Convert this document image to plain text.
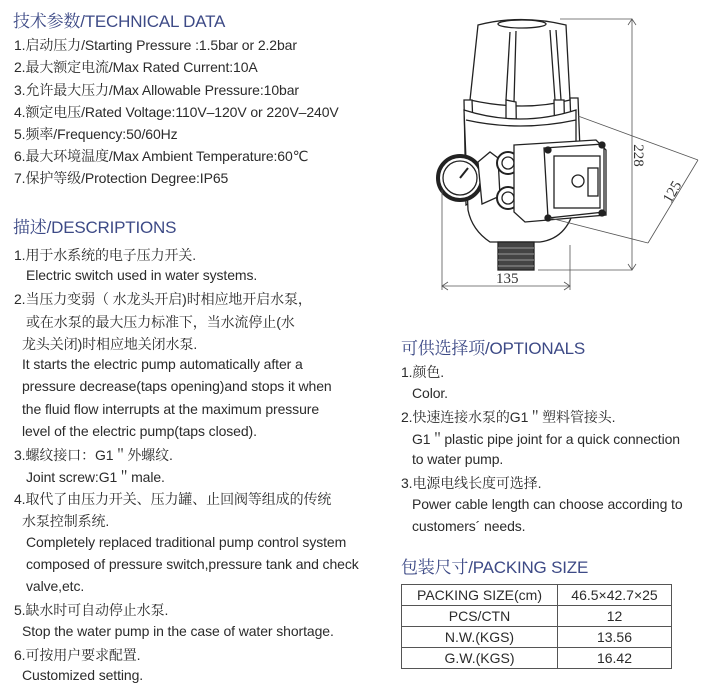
技术参数/TECHNICAL DATA
1.启动压力/Starting Pressure :1.5bar or 2.2bar
2.最大额定电流/Max Rated Current:10A
3.允许最大压力/Max Allowable Pressure:10bar
4.额定电压/Rated Voltage:110V–120V or 220V–240V
5.频率/Frequency:50/60Hz
6.最大环境温度/Max Ambient Temperature:60℃
7.保护等级/Protection Degree:IP65
描述/DESCRIPTIONS
1.用于水系统的电子压力开关.
Electric switch used in water systems.
2.当压力变弱（ 水龙头开启)时相应地开启水泵，
或在水泵的最大压力标准下，当水流停止(水
龙头关闭)时相应地关闭水泵.
It starts the electric pump automatically after a
pressure decrease(taps opening)and stops it when
the fluid flow interrupts at the maximum pressure
level of the electric pump(taps closed).
3.螺纹接口：G1＂外螺纹.
Joint screw:G1＂male.
4.取代了由压力开关、压力罐、止回阀等组成的传统
水泵控制系统.
Completely replaced traditional pump control system
composed of pressure switch,pressure tank and check
valve,etc.
5.缺水时可自动停止水泵.
Stop the water pump in the case of water shortage.
6.可按用户要求配置.
Customized setting.
可供选择项/OPTIONALS
1.颜色.
Color.
2.快速连接水泵的G1＂塑料管接头.
G1＂plastic pipe joint for a quick connection
to water pump.
3.电源电线长度可选择.
Power cable length can choose according to
customers´ needs.
包装尺寸/PACKING SIZE
PACKING SIZE(cm)	46.5×42.7×25
PCS/CTN	12
N.W.(KGS)	13.56
G.W.(KGS)	16.42
228
125
135
